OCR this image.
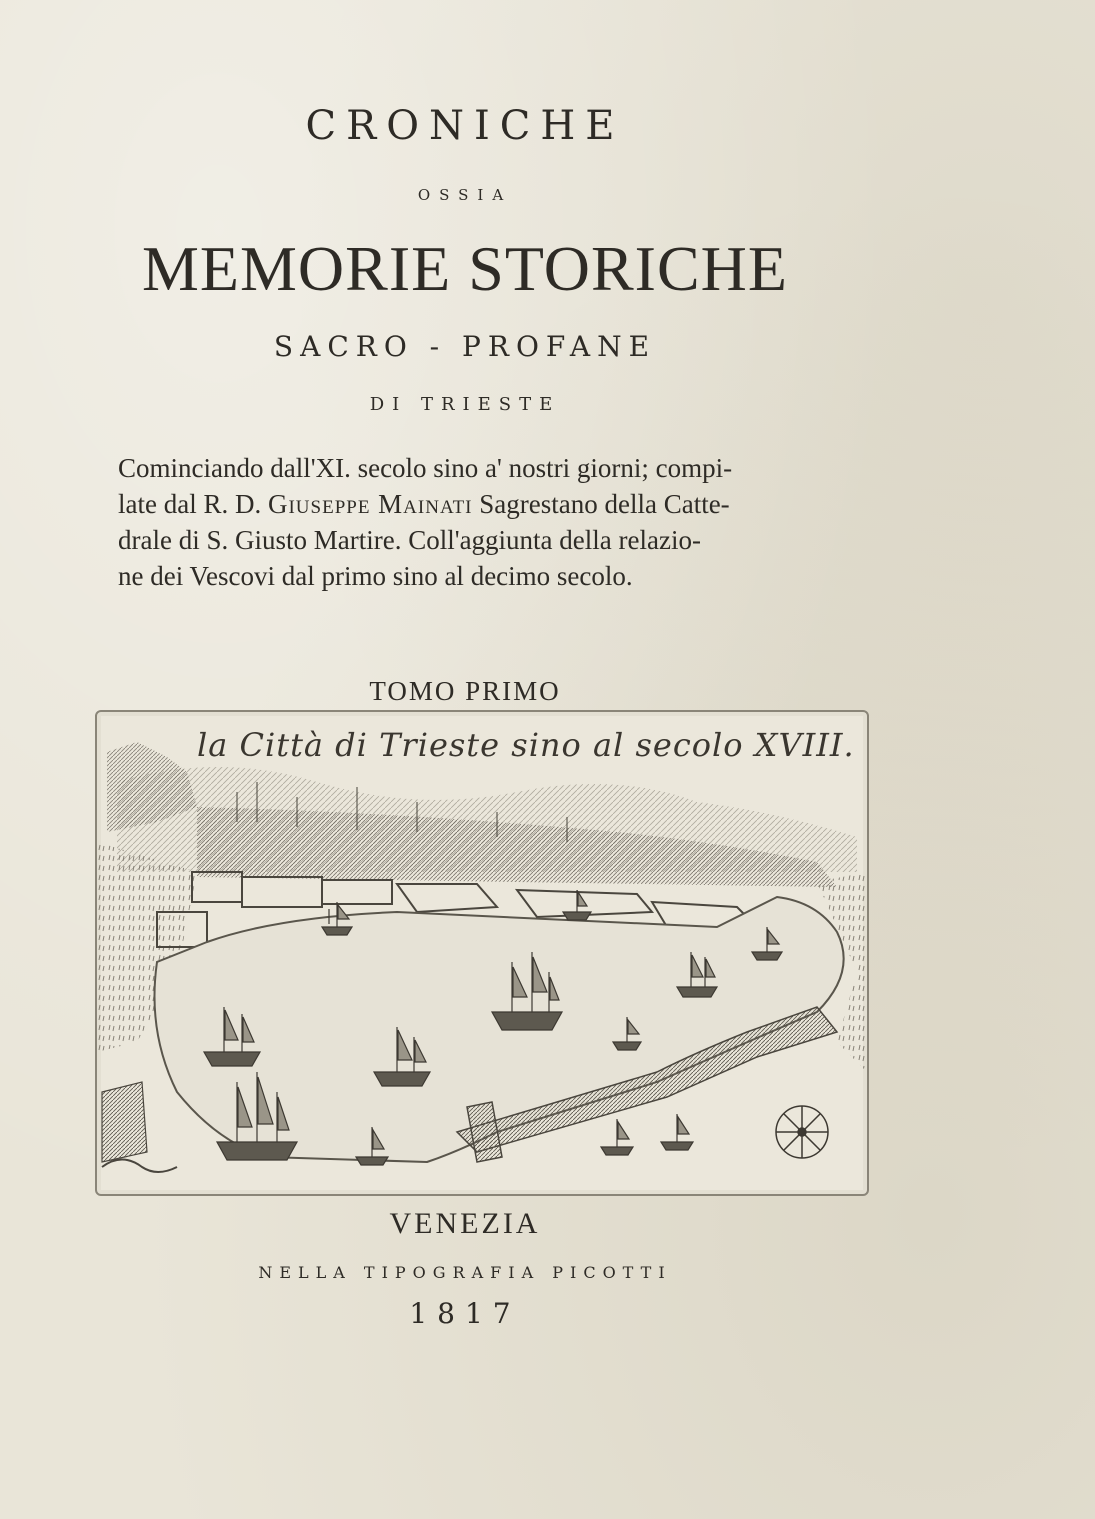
CRONICHE
OSSIA
MEMORIE STORICHE
SACRO - PROFANE
DI TRIESTE
Cominciando dall'XI. secolo sino a' nostri giorni; compi-
late dal R. D. Giuseppe Mainati Sagrestano della Catte-
drale di S. Giusto Martire. Coll'aggiunta della relazio-
ne dei Vescovi dal primo sino al decimo secolo.
TOMO PRIMO
la Città di Trieste sino al secolo XVIII.
VENEZIA
NELLA TIPOGRAFIA PICOTTI
1817
